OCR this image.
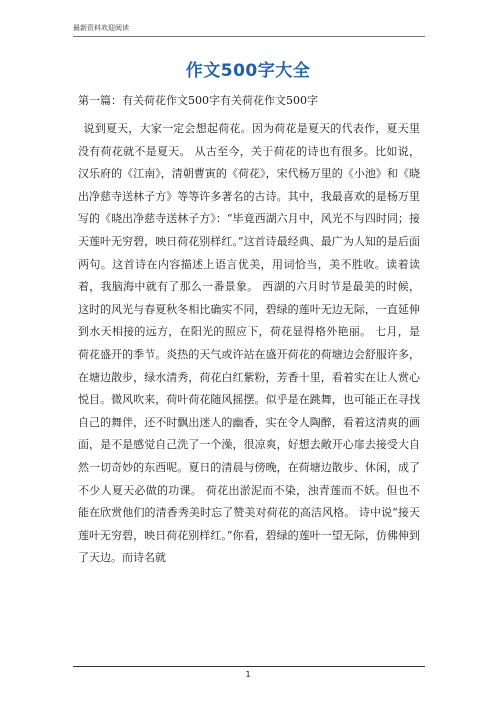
最新资料欢迎阅读
作文500字大全
第一篇：有关荷花作文500字有关荷花作文500字
说到夏天，大家一定会想起荷花。因为荷花是夏天的代表作，夏天里没有荷花就不是夏天。 从古至今，关于荷花的诗也有很多。比如说，汉乐府的《江南》，清朝曹寅的《荷花》，宋代杨万里的《小池》和《晓出净慈寺送林子方》等等许多著名的古诗。其中，我最喜欢的是杨万里写的《晓出净慈寺送林子方》：“毕竟西湖六月中，风光不与四时同；接天莲叶无穷碧，映日荷花别样红。”这首诗最经典、最广为人知的是后面两句。这首诗在内容描述上语言优美，用词恰当，美不胜收。读着读着，我脑海中就有了那么一番景象。 西湖的六月时节是最美的时候，这时的风光与春夏秋冬相比确实不同，碧绿的莲叶无边无际，一直延伸到水天相接的远方，在阳光的照应下，荷花显得格外艳丽。 七月，是荷花盛开的季节。炎热的天气或许站在盛开荷花的荷塘边会舒服许多，在塘边散步，绿水清秀，荷花白红紫粉，芳香十里，看着实在让人赏心悦目。微风吹来，荷叶荷花随风摇摆。似乎是在跳舞，也可能正在寻找自己的舞伴，还不时飘出迷人的幽香，实在令人陶醉，看着这清爽的画面，是不是感觉自己洗了一个澡，很凉爽，好想去敞开心扉去接受大自然一切奇妙的东西呢。夏日的清晨与傍晚，在荷塘边散步、休闲，成了不少人夏天必做的功课。 荷花出淤泥而不染，浊青莲而不妖。但也不能在欣赏他们的清香秀美时忘了赞美对荷花的高洁风格。 诗中说“接天莲叶无穷碧，映日荷花别样红。”你看，碧绿的莲叶一望无际，仿佛伸到了天边。而诗名就
1
